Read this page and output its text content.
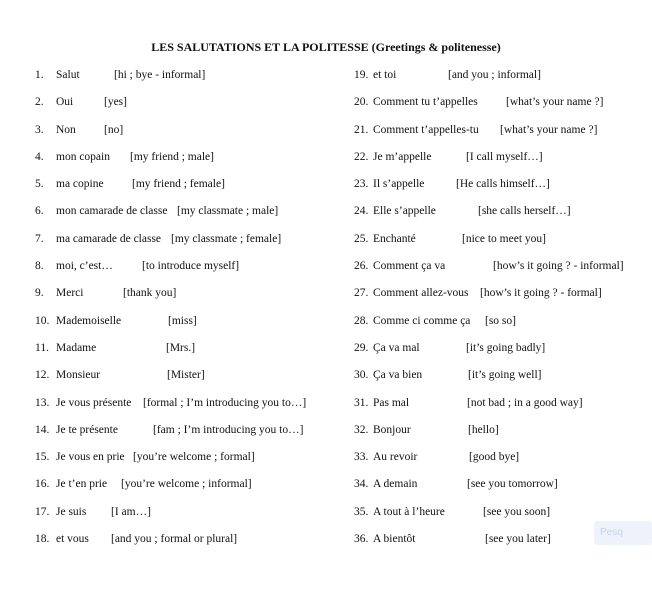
LES SALUTATIONS ET LA POLITESSE (Greetings & politenesse)
1. Salut	[hi ; bye - informal]
2. Oui	[yes]
3. Non [no]
4. mon copain [my friend ; male]
5. ma copine [my friend ; female]
6. mon camarade de classe [my classmate ; male]
7. ma camarade de classe [my classmate ; female]
8. moi, c’est…	[to introduce myself]
9. Merci	[thank you]
10. Mademoiselle	[miss]
11. Madame	[Mrs.]
12. Monsieur	[Mister]
13. Je vous présente [formal ; I’m introducing you to…]
14. Je te présente	[fam ; I’m introducing you to…]
15. Je vous en prie [you’re welcome ; formal]
16. Je t’en prie [you’re welcome ; informal]
17. Je suis [I am…]
18. et vous [and you ; formal or plural]
19. et toi	[and you ; informal]
20. Comment tu t’appelles [what’s your name ?]
21. Comment t’appelles-tu [what’s your name ?]
22. Je m’appelle	[I call myself…]
23. Il s’appelle	[He calls himself…]
24. Elle s’appelle	[she calls herself…]
25. Enchanté	[nice to meet you]
26. Comment ça va	[how’s it going ? - informal]
27. Comment allez-vous [how’s it going ? - formal]
28. Comme ci comme ça [so so]
29. Ça va mal	[it’s going badly]
30. Ça va bien	[it’s going well]
31. Pas mal	[not bad ; in a good way]
32. Bonjour	[hello]
33. Au revoir	[good bye]
34. A demain	[see you tomorrow]
35. A tout à l’heure	[see you soon]
36. A bientôt	[see you later]
Pesq
